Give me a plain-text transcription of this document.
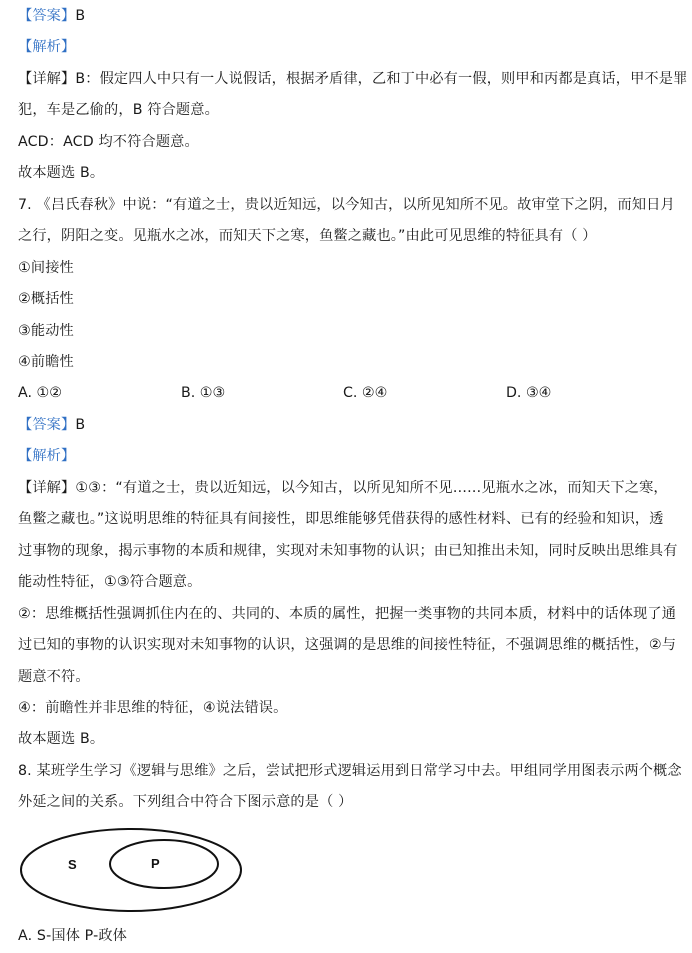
【答案】B
【解析】
【详解】B：假定四人中只有一人说假话，根据矛盾律，乙和丁中必有一假，则甲和丙都是真话，甲不是罪
犯，车是乙偷的，B 符合题意。
ACD：ACD 均不符合题意。
故本题选 B。
7. 《吕氏春秋》中说：“有道之士，贵以近知远，以今知古，以所见知所不见。故审堂下之阴，而知日月
之行，阴阳之变。见瓶水之冰，而知天下之寒，鱼鳖之藏也。”由此可见思维的特征具有（ ）
①间接性
②概括性
③能动性
④前瞻性
A. ①②	B. ①③	C. ②④	D. ③④
【答案】B
【解析】
【详解】①③：“有道之士，贵以近知远，以今知古，以所见知所不见……见瓶水之冰，而知天下之寒，
鱼鳖之藏也。”这说明思维的特征具有间接性，即思维能够凭借获得的感性材料、已有的经验和知识，透
过事物的现象，揭示事物的本质和规律，实现对未知事物的认识；由已知推出未知，同时反映出思维具有
能动性特征，①③符合题意。
②：思维概括性强调抓住内在的、共同的、本质的属性，把握一类事物的共同本质，材料中的话体现了通
过已知的事物的认识实现对未知事物的认识，这强调的是思维的间接性特征，不强调思维的概括性，②与
题意不符。
④：前瞻性并非思维的特征，④说法错误。
故本题选 B。
8. 某班学生学习《逻辑与思维》之后，尝试把形式逻辑运用到日常学习中去。甲组同学用图表示两个概念
外延之间的关系。下列组合中符合下图示意的是（ ）
S	P
A. S-国体 P-政体
